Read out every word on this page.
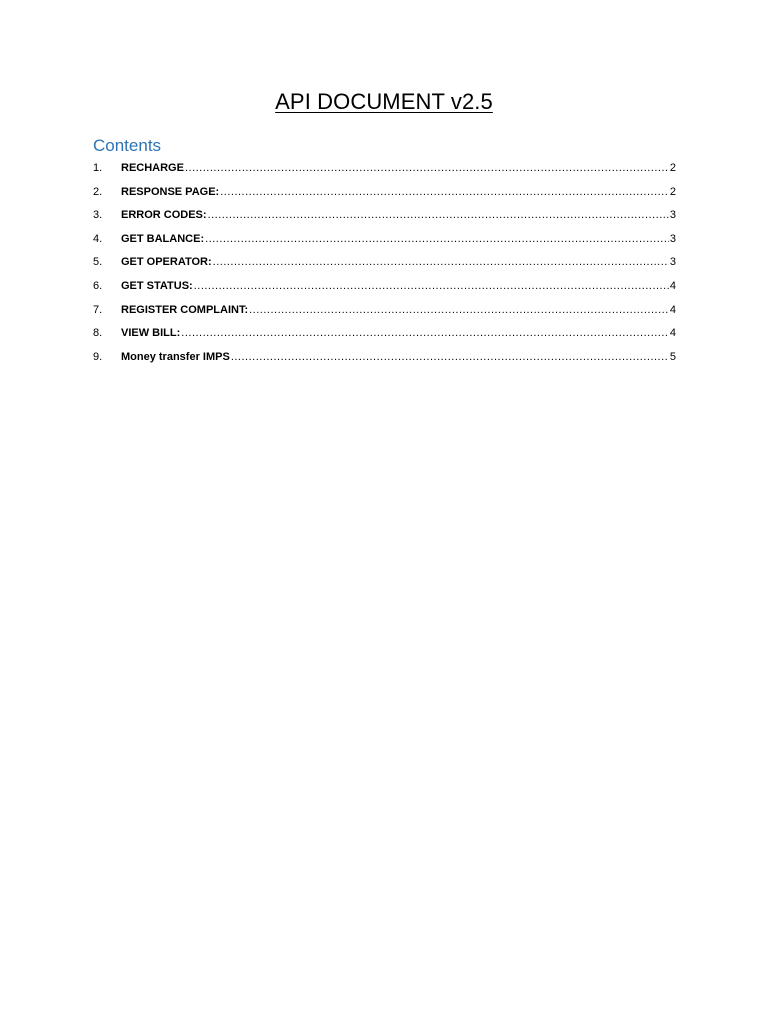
API DOCUMENT v2.5
Contents
1.	RECHARGE .....	2
2.	RESPONSE PAGE: .....	2
3.	ERROR CODES: .....	3
4.	GET BALANCE: .....	3
5.	GET OPERATOR: .....	3
6.	GET STATUS: .....	4
7.	REGISTER COMPLAINT: .....	4
8.	VIEW BILL: .....	4
9.	Money transfer IMPS .....	5
